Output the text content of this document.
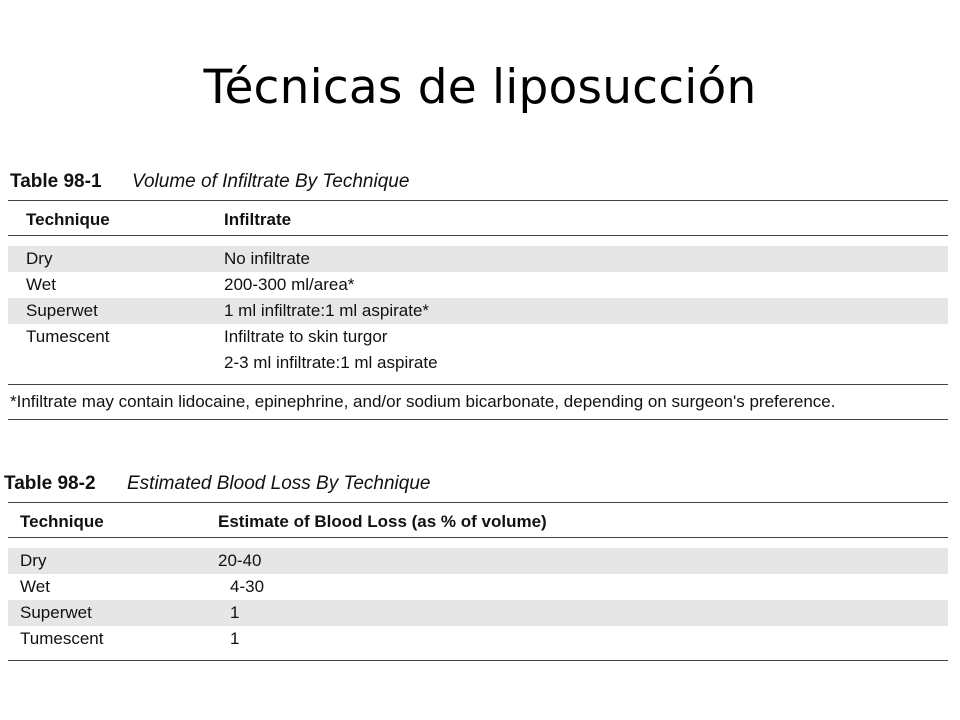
Técnicas de liposucción
Table 98-1 Volume of Infiltrate By Technique
Technique	Infiltrate
Dry	No infiltrate
Wet	200-300 ml/area*
Superwet	1 ml infiltrate:1 ml aspirate*
Tumescent	Infiltrate to skin turgor
2-3 ml infiltrate:1 ml aspirate
*Infiltrate may contain lidocaine, epinephrine, and/or sodium bicarbonate, depending on surgeon's preference.
Table 98-2 Estimated Blood Loss By Technique
Technique	Estimate of Blood Loss (as % of volume)
Dry	20-40
Wet	4-30
Superwet	1
Tumescent	1
